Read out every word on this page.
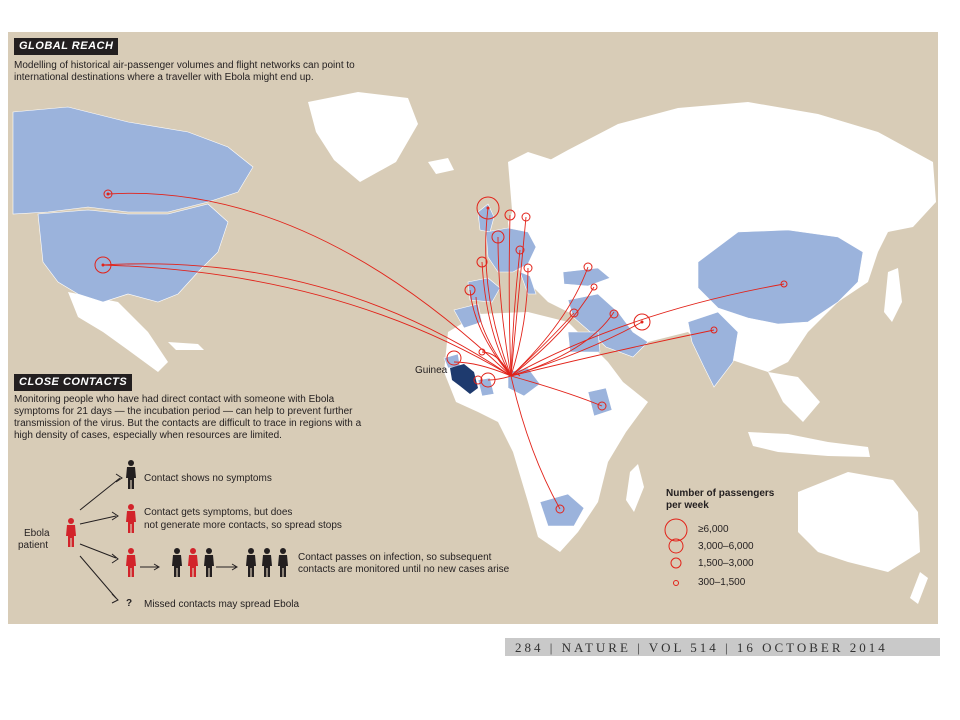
GLOBAL REACH
Modelling of historical air-passenger volumes and flight networks can point to
international destinations where a traveller with Ebola might end up.
Guinea
CLOSE CONTACTS
Monitoring people who have had direct contact with someone with Ebola
symptoms for 21 days — the incubation period — can help to prevent further
transmission of the virus. But the contacts are difficult to trace in regions with a
high density of cases, especially when resources are limited.
Ebola
patient
Contact shows no symptoms
Contact gets symptoms, but does
not generate more contacts, so spread stops
Contact passes on infection, so subsequent
contacts are monitored until no new cases arise
? Missed contacts may spread Ebola
Number of passengers
per week
≥6,000
3,000–6,000
1,500–3,000
300–1,500
284 | NATURE | VOL 514 | 16 OCTOBER 2014
